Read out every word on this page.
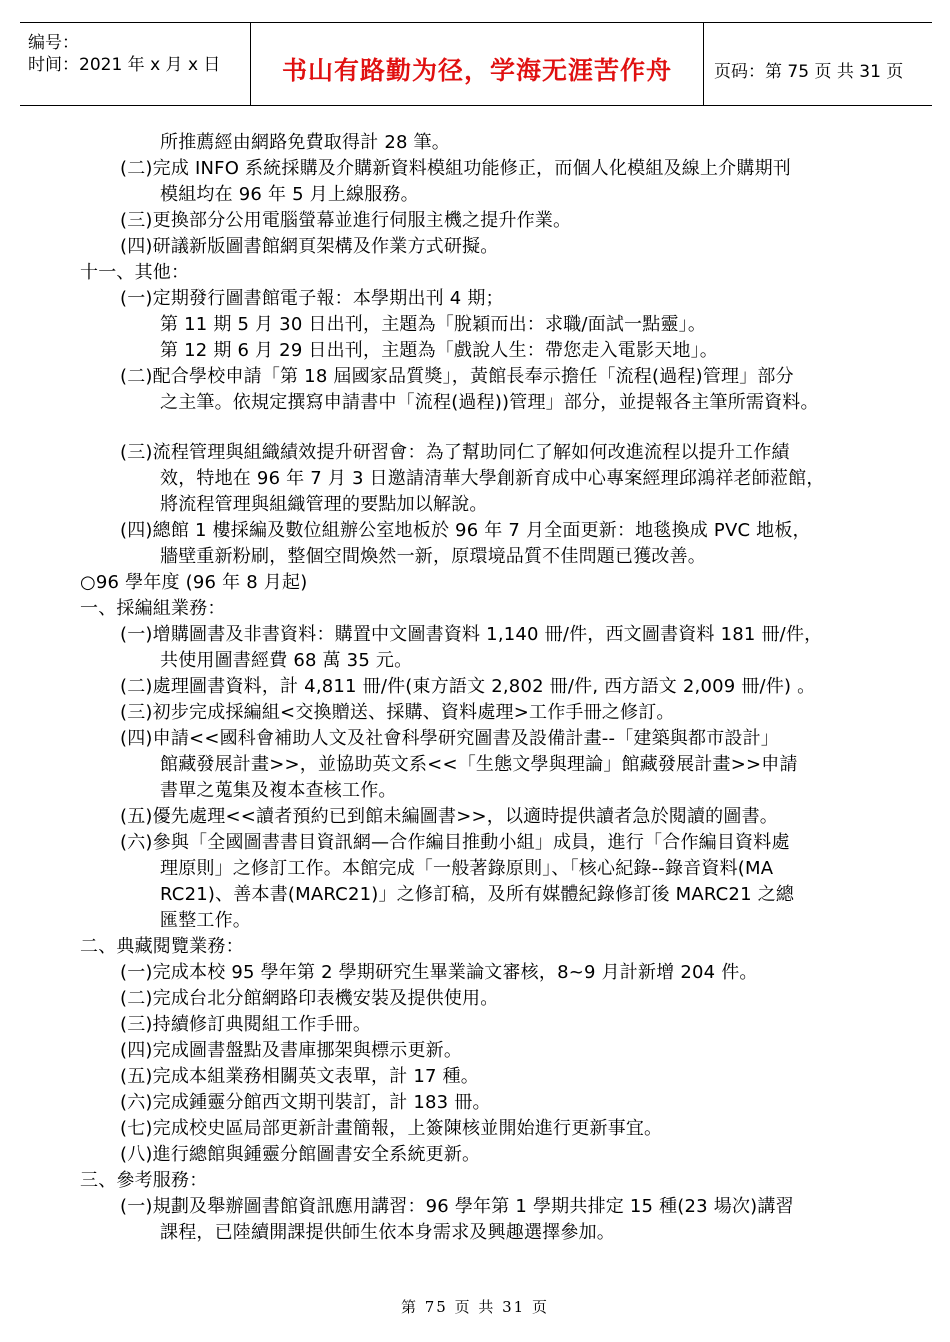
编号：
时间：2021 年 x 月 x 日	书山有路勤为径，学海无涯苦作舟	页码：第 75 页 共 31 页
所推薦經由網路免費取得計 28 筆。
(二)完成 INFO 系統採購及介購新資料模組功能修正，而個人化模組及線上介購期刊
模組均在 96 年 5 月上線服務。
(三)更換部分公用電腦螢幕並進行伺服主機之提升作業。
(四)研議新版圖書館網頁架構及作業方式研擬。
十一、其他：
(一)定期發行圖書館電子報：本學期出刊 4 期；
第 11 期 5 月 30 日出刊，主題為「脫穎而出：求職/面試一點靈」。
第 12 期 6 月 29 日出刊，主題為「戲說人生：帶您走入電影天地」。
(二)配合學校申請「第 18 屆國家品質獎」，黃館長奉示擔任「流程(過程)管理」部分
之主筆。依規定撰寫申請書中「流程(過程))管理」部分，並提報各主筆所需資料。
(三)流程管理與組織績效提升研習會：為了幫助同仁了解如何改進流程以提升工作績
效，特地在 96 年 7 月 3 日邀請清華大學創新育成中心專案經理邱鴻祥老師蒞館，
將流程管理與組織管理的要點加以解說。
(四)總館 1 樓採編及數位組辦公室地板於 96 年 7 月全面更新：地毯換成 PVC 地板，
牆壁重新粉刷，整個空間煥然一新，原環境品質不佳問題已獲改善。
○96 學年度 (96 年 8 月起)
一、採編組業務：
(一)增購圖書及非書資料：購置中文圖書資料 1,140 冊/件，西文圖書資料 181 冊/件，
共使用圖書經費 68 萬 35 元。
(二)處理圖書資料，計 4,811 冊/件(東方語文 2,802 冊/件, 西方語文 2,009 冊/件) 。
(三)初步完成採編組<交換贈送、採購、資料處理>工作手冊之修訂。
(四)申請<<國科會補助人文及社會科學研究圖書及設備計畫--「建築與都市設計」
館藏發展計畫>>，並協助英文系<<「生態文學與理論」館藏發展計畫>>申請
書單之蒐集及複本查核工作。
(五)優先處理<<讀者預約已到館未編圖書>>，以適時提供讀者急於閱讀的圖書。
(六)參與「全國圖書書目資訊網—合作編目推動小組」成員，進行「合作編目資料處
理原則」之修訂工作。本館完成「一般著錄原則」、「核心紀錄--錄音資料(MA
RC21)、善本書(MARC21)」之修訂稿，及所有媒體紀錄修訂後 MARC21 之總
匯整工作。
二、典藏閱覽業務：
(一)完成本校 95 學年第 2 學期研究生畢業論文審核，8~9 月計新增 204 件。
(二)完成台北分館網路印表機安裝及提供使用。
(三)持續修訂典閱組工作手冊。
(四)完成圖書盤點及書庫挪架與標示更新。
(五)完成本組業務相關英文表單，計 17 種。
(六)完成鍾靈分館西文期刊裝訂，計 183 冊。
(七)完成校史區局部更新計畫簡報，上簽陳核並開始進行更新事宜。
(八)進行總館與鍾靈分館圖書安全系統更新。
三、參考服務：
(一)規劃及舉辦圖書館資訊應用講習：96 學年第 1 學期共排定 15 種(23 場次)講習
課程，已陸續開課提供師生依本身需求及興趣選擇參加。
第 75 页 共 31 页
